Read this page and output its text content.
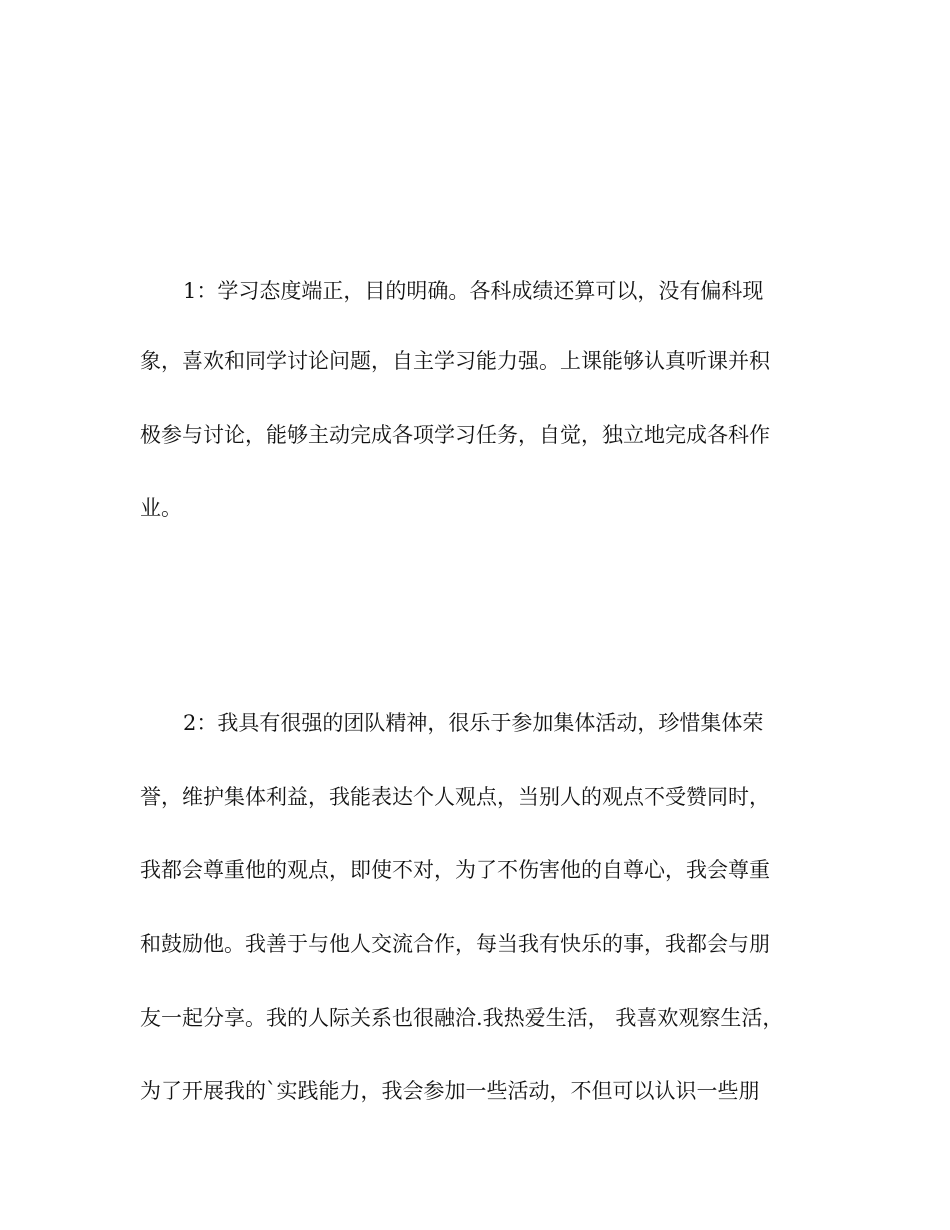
1：学习态度端正，目的明确。各科成绩还算可以，没有偏科现
象，喜欢和同学讨论问题，自主学习能力强。上课能够认真听课并积
极参与讨论，能够主动完成各项学习任务，自觉，独立地完成各科作
业。
2：我具有很强的团队精神，很乐于参加集体活动，珍惜集体荣
誉，维护集体利益，我能表达个人观点，当别人的观点不受赞同时，
我都会尊重他的观点，即使不对，为了不伤害他的自尊心，我会尊重
和鼓励他。我善于与他人交流合作，每当我有快乐的事，我都会与朋
友一起分享。我的人际关系也很融洽.我热爱生活， 我喜欢观察生活，
为了开展我的`实践能力，我会参加一些活动，不但可以认识一些朋
